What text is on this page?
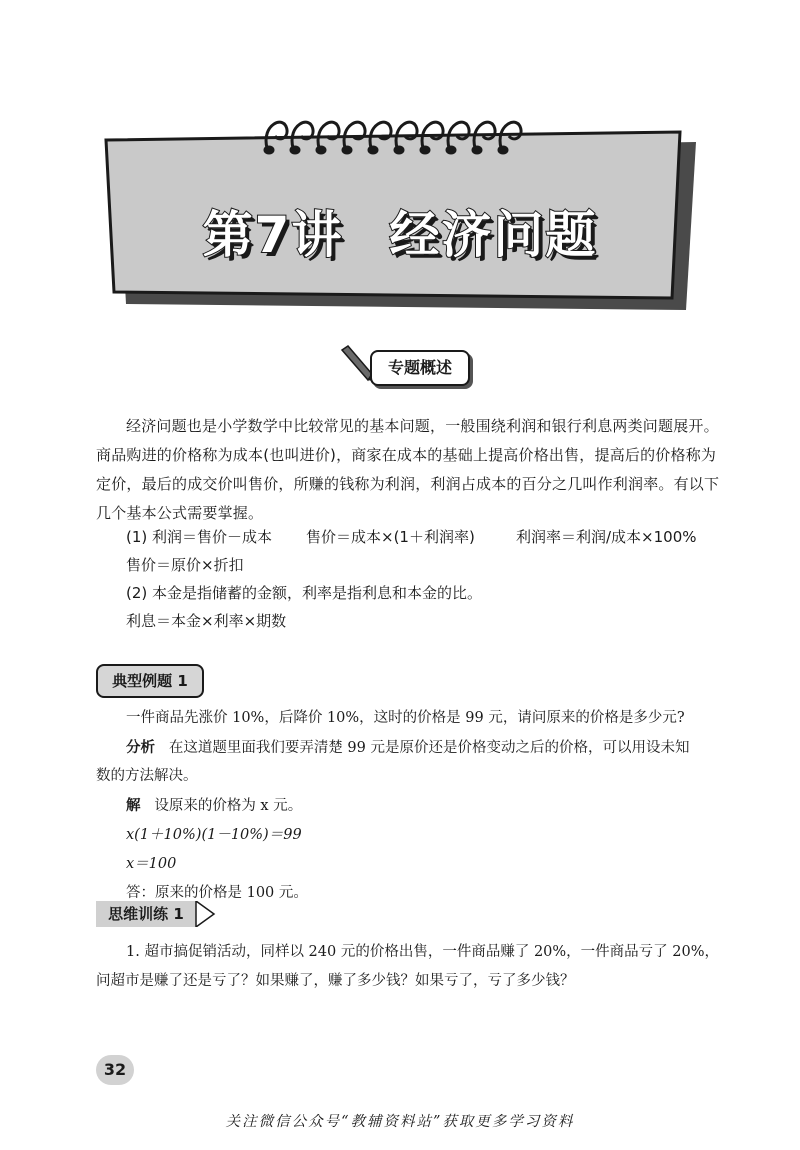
第7讲 经济问题
专题概述
经济问题也是小学数学中比较常见的基本问题，一般围绕利润和银行利息两类问题展开。商品购进的价格称为成本(也叫进价)，商家在成本的基础上提高价格出售，提高后的价格称为定价，最后的成交价叫售价，所赚的钱称为利润，利润占成本的百分之几叫作利润率。有以下几个基本公式需要掌握。
(1) 利润＝售价－成本 售价＝成本×(1＋利润率)	利润率＝利润/成本×100%
售价＝原价×折扣
(2) 本金是指储蓄的金额，利率是指利息和本金的比。
利息＝本金×利率×期数
典型例题 1
一件商品先涨价 10%，后降价 10%，这时的价格是 99 元，请问原来的价格是多少元?
分析 在这道题里面我们要弄清楚 99 元是原价还是价格变动之后的价格，可以用设未知
数的方法解决。
解 设原来的价格为 x 元。
x(1＋10%)(1－10%)＝99
x＝100
答：原来的价格是 100 元。
思维训练 1
1. 超市搞促销活动，同样以 240 元的价格出售，一件商品赚了 20%，一件商品亏了 20%，
问超市是赚了还是亏了？如果赚了，赚了多少钱？如果亏了，亏了多少钱？
32
关注微信公众号“教辅资料站”获取更多学习资料
